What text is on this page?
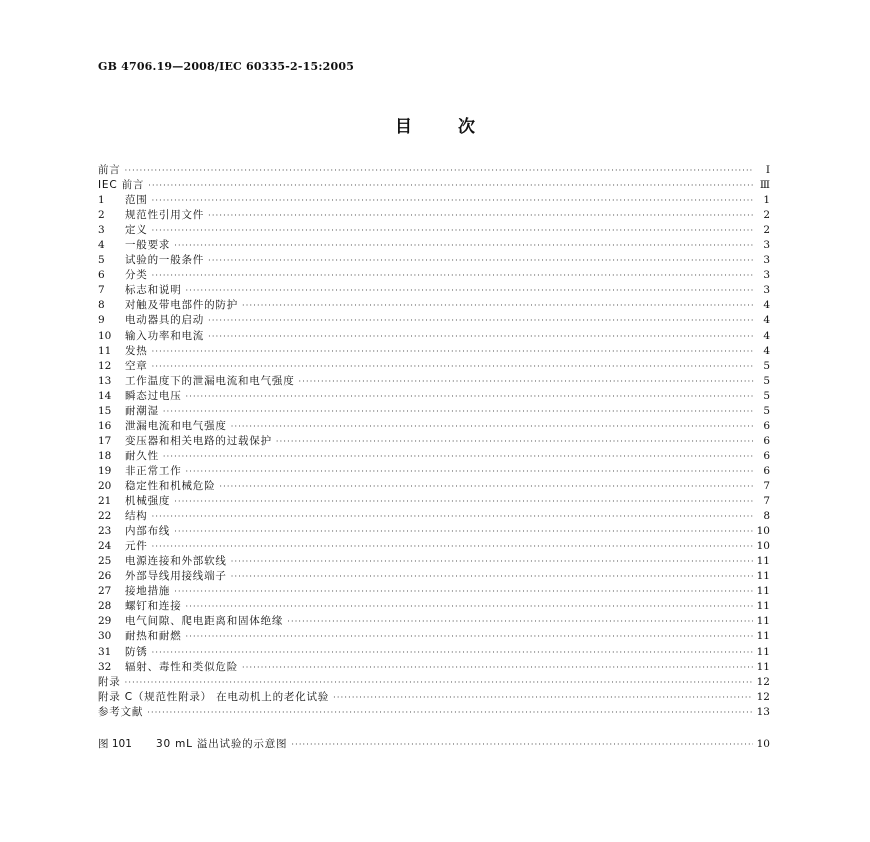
GB 4706.19—2008/IEC 60335-2-15:2005
目 次
前言 ·····	I
IEC 前言 ·····	Ⅲ
1	范围 ·····	1
2	规范性引用文件 ·····	2
3	定义 ·····	2
4	一般要求 ·····	3
5	试验的一般条件 ·····	3
6	分类 ·····	3
7	标志和说明 ·····	3
8	对触及带电部件的防护 ·····	4
9	电动器具的启动 ·····	4
10	输入功率和电流 ·····	4
11	发热 ·····	4
12	空章 ·····	5
13	工作温度下的泄漏电流和电气强度 ·····	5
14	瞬态过电压 ·····	5
15	耐潮湿 ·····	5
16	泄漏电流和电气强度 ·····	6
17	变压器和相关电路的过载保护 ·····	6
18	耐久性 ·····	6
19	非正常工作 ·····	6
20	稳定性和机械危险 ·····	7
21	机械强度 ·····	7
22	结构 ·····	8
23	内部布线 ·····	10
24	元件 ·····	10
25	电源连接和外部软线 ·····	11
26	外部导线用接线端子 ·····	11
27	接地措施 ·····	11
28	螺钉和连接 ·····	11
29	电气间隙、爬电距离和固体绝缘 ·····	11
30	耐热和耐燃 ·····	11
31	防锈 ·····	11
32	辐射、毒性和类似危险 ·····	11
附录 ·····	12
附录 C（规范性附录） 在电动机上的老化试验 ·····	12
参考文献 ·····	13
图 101	30 mL 溢出试验的示意图 ·····	10
